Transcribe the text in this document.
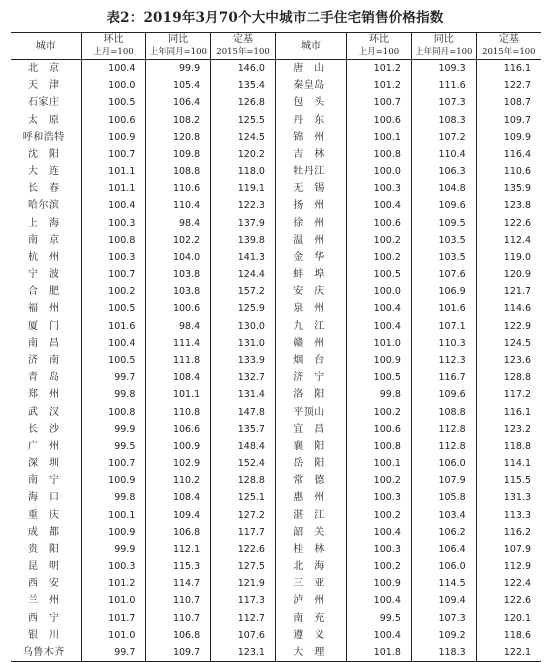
表2：2019年3月70个大中城市二手住宅销售价格指数
城市	环比	同比	定基	城市	环比	同比	定基
	上月=100	上年同月=100	2015年=100		上月=100	上年同月=100	2015年=100
北　京	100.4	99.9	146.0	唐　山	101.2	109.3	116.1
天　津	100.0	105.4	135.4	秦皇岛	101.2	111.6	122.7
石家庄	100.5	106.4	126.8	包　头	100.7	107.3	108.7
太　原	100.6	108.2	125.5	丹　东	100.6	108.3	109.7
呼和浩特	100.9	120.8	124.5	锦　州	100.1	107.2	109.9
沈　阳	100.7	109.8	120.2	吉　林	100.8	110.4	116.4
大　连	101.1	108.8	118.0	牡丹江	100.0	106.3	110.6
长　春	101.1	110.6	119.1	无　锡	100.3	104.8	135.9
哈尔滨	100.4	110.4	122.3	扬　州	100.4	109.6	123.8
上　海	100.3	98.4	137.9	徐　州	100.6	109.5	122.6
南　京	100.8	102.2	139.8	温　州	100.2	103.5	112.4
杭　州	100.3	104.0	141.3	金　华	100.2	103.5	119.0
宁　波	100.7	103.8	124.4	蚌　埠	100.5	107.6	120.9
合　肥	100.2	103.8	157.2	安　庆	100.0	106.9	121.7
福　州	100.5	100.6	125.9	泉　州	100.4	101.6	114.6
厦　门	101.6	98.4	130.0	九　江	100.4	107.1	122.9
南　昌	100.4	111.4	131.0	赣　州	101.0	110.3	124.5
济　南	100.5	111.8	133.9	烟　台	100.9	112.3	123.6
青　岛	99.7	108.4	132.7	济　宁	100.5	116.7	128.8
郑　州	99.8	101.1	131.4	洛　阳	99.8	109.6	117.2
武　汉	100.8	110.8	147.8	平顶山	100.2	108.8	116.1
长　沙	99.9	106.6	135.7	宜　昌	100.6	112.8	123.2
广　州	99.5	100.9	148.4	襄　阳	100.8	112.8	118.8
深　圳	100.7	102.9	152.4	岳　阳	100.1	106.0	114.1
南　宁	100.9	110.2	128.8	常　德	100.2	107.9	115.5
海　口	99.8	108.4	125.1	惠　州	100.3	105.8	131.3
重　庆	100.1	109.4	127.2	湛　江	100.2	103.4	113.3
成　都	100.9	106.8	117.7	韶　关	100.4	106.2	116.2
贵　阳	99.9	112.1	122.6	桂　林	100.3	106.4	107.9
昆　明	100.3	115.3	127.5	北　海	100.2	106.0	112.9
西　安	101.2	114.7	121.9	三　亚	100.9	114.5	122.4
兰　州	101.0	110.7	117.3	泸　州	100.4	109.4	122.6
西　宁	101.7	110.7	112.7	南　充	99.5	107.3	120.1
银　川	101.0	106.8	107.6	遵　义	100.4	109.2	118.6
乌鲁木齐	99.7	109.7	123.1	大　理	101.8	118.3	122.1
